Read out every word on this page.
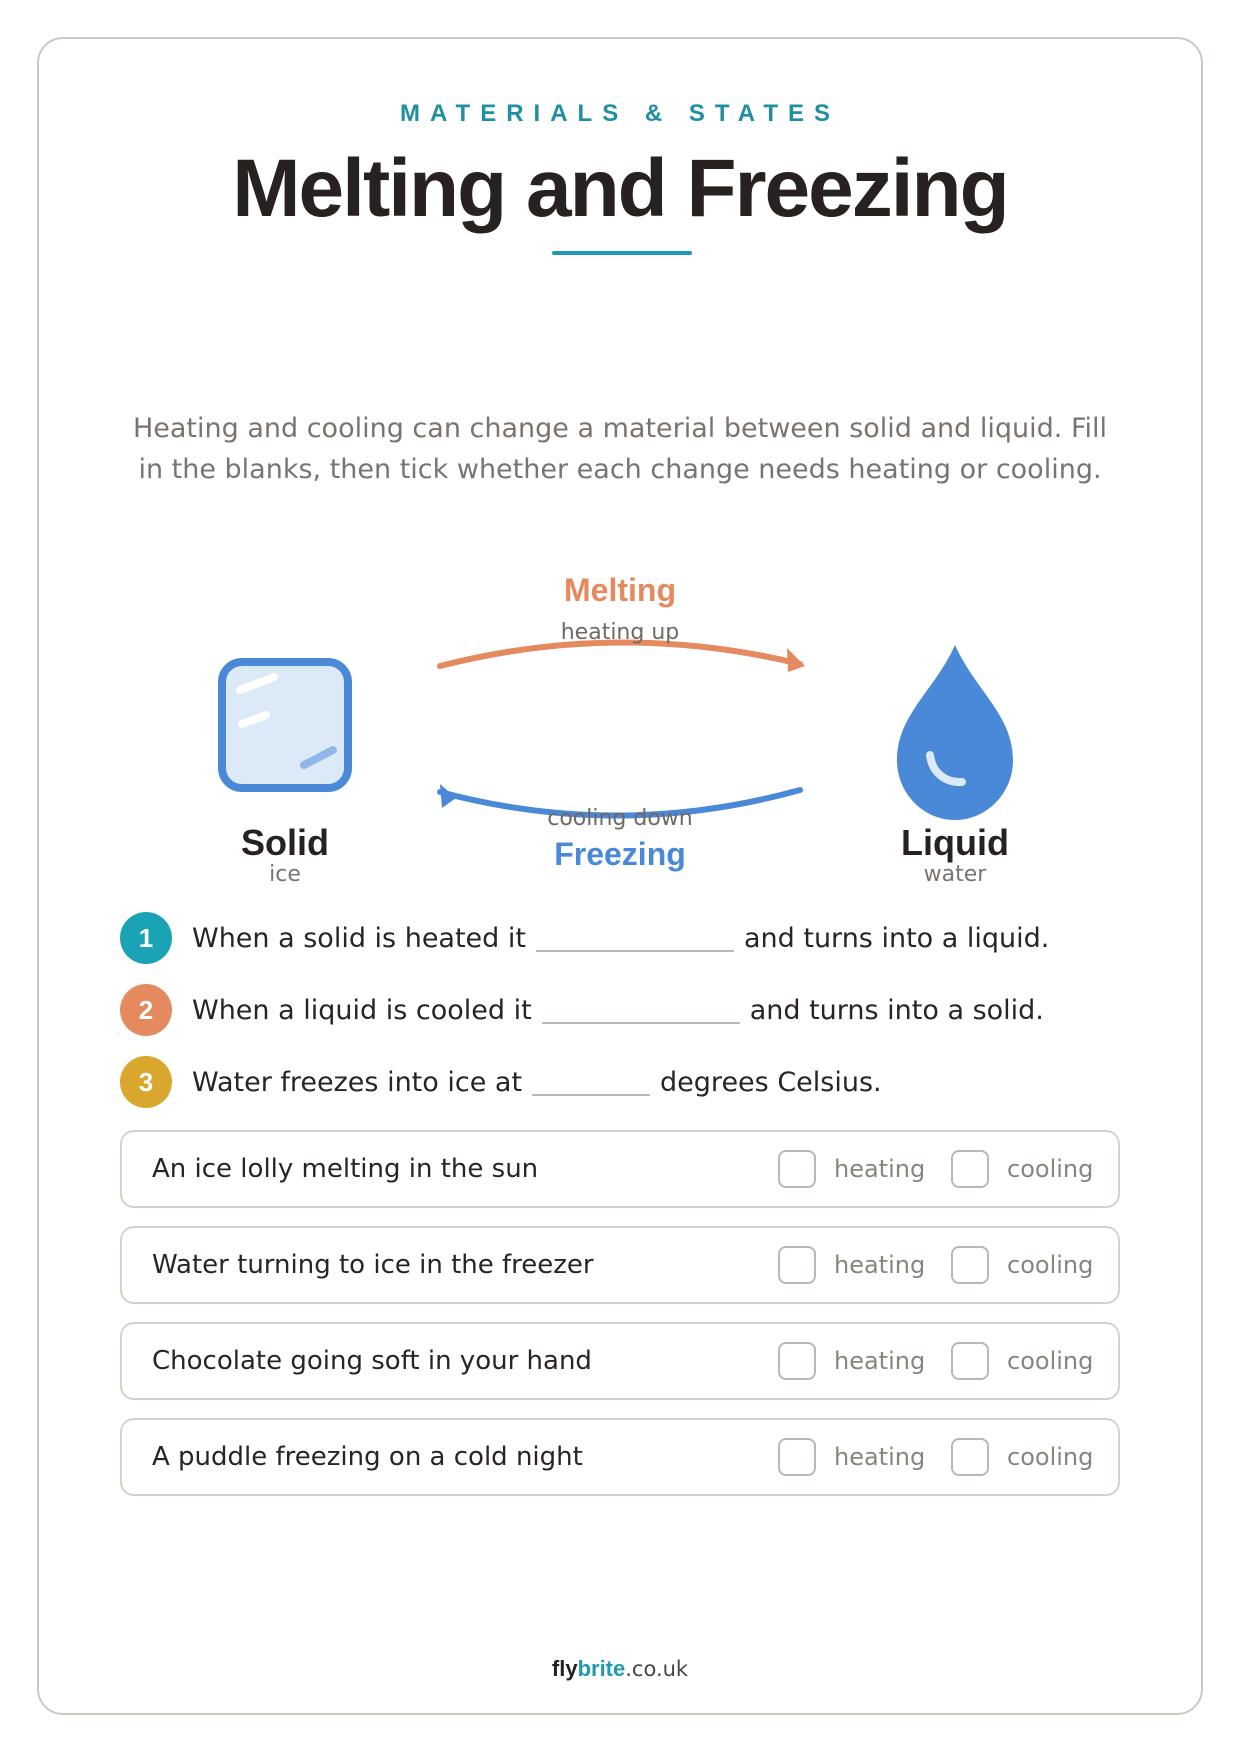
MATERIALS & STATES
Melting and Freezing
Heating and cooling can change a material between solid and liquid. Fill in the blanks, then tick whether each change needs heating or cooling.
Melting
heating up
cooling down
Freezing
Solid
ice
Liquid
water
1	When a solid is heated it	and turns into a liquid.
2	When a liquid is cooled it	and turns into a solid.
3	Water freezes into ice at	degrees Celsius.
An ice lolly melting in the sun	heating	cooling
Water turning to ice in the freezer	heating	cooling
Chocolate going soft in your hand	heating	cooling
A puddle freezing on a cold night	heating	cooling
flybrite.co.uk
